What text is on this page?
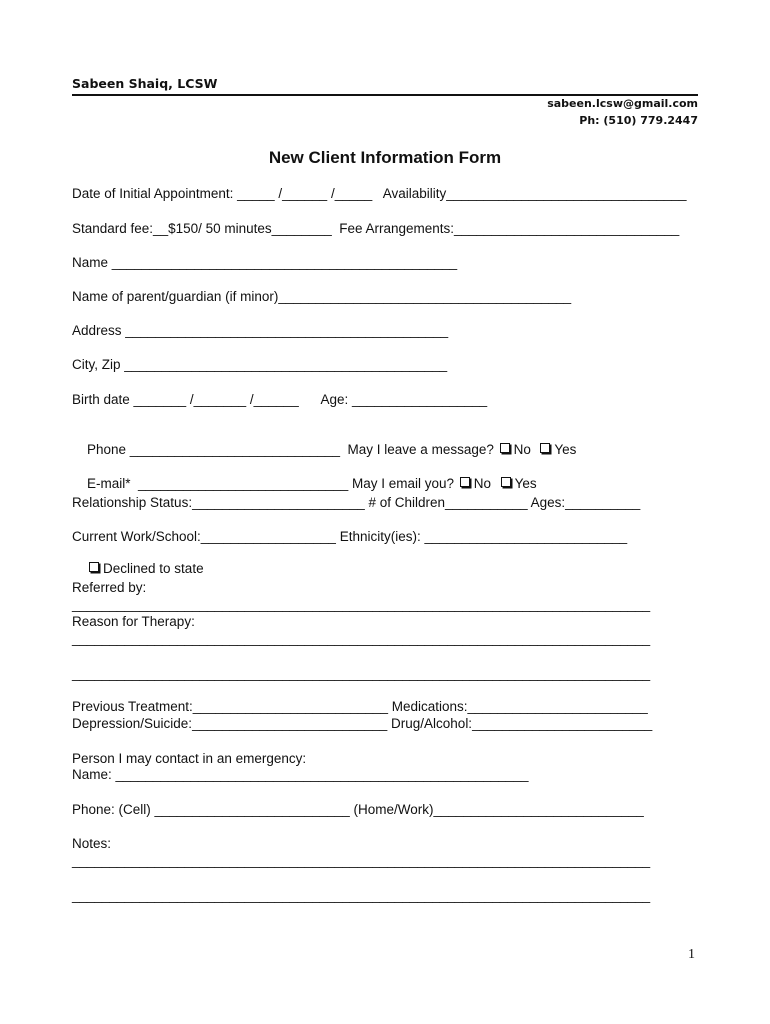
Sabeen Shaiq, LCSW
sabeen.lcsw@gmail.com
Ph: (510) 779.2447
New Client Information Form
Date of Initial Appointment: _____ /______ /_____   Availability________________________________
Standard fee:__$150/ 50 minutes________  Fee Arrangements:______________________________
Name ______________________________________________
Name of parent/guardian (if minor)_______________________________________
Address ___________________________________________
City, Zip ___________________________________________
Birth date _______ /_______ /______      Age: __________________

Phone ____________________________  May I leave a message? No Yes

E-mail*  ____________________________ May I email you? No Yes

Relationship Status:_______________________ # of Children___________ Ages:__________
Current Work/School:__________________ Ethnicity(ies): ___________________________

Declined to state

Referred by:
_____________________________________________________________________________
Reason for Therapy:
_____________________________________________________________________________
_____________________________________________________________________________
Previous Treatment:__________________________ Medications:________________________
Depression/Suicide:__________________________ Drug/Alcohol:________________________
Person I may contact in an emergency:
Name: _______________________________________________________
Phone: (Cell) __________________________ (Home/Work)____________________________
Notes:
_____________________________________________________________________________
_____________________________________________________________________________
1
